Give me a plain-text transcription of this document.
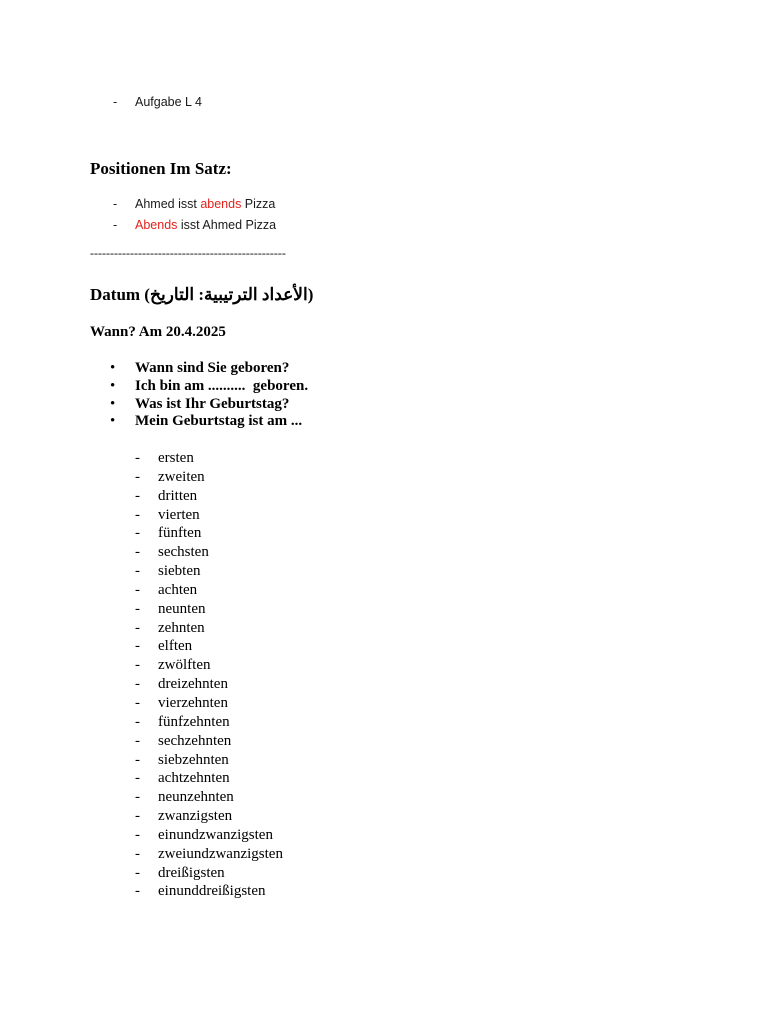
- Aufgabe L 4
Positionen Im Satz:
- Ahmed isst abends Pizza
- Abends isst Ahmed Pizza
-------------------------------------------------
Datum (الأعداد الترتيبية: التاريخ)

Wann? Am 20.4.2025

• Wann sind Sie geboren?
• Ich bin am ..........  geboren.
• Was ist Ihr Geburtstag?
• Mein Geburtstag ist am ...
- ersten
- zweiten
- dritten
- vierten
- fünften
- sechsten
- siebten
- achten
- neunten
- zehnten
- elften
- zwölften
- dreizehnten
- vierzehnten
- fünfzehnten
- sechzehnten
- siebzehnten
- achtzehnten
- neunzehnten
- zwanzigsten
- einundzwanzigsten
- zweiundzwanzigsten
- dreißigsten
- einunddreißigsten
